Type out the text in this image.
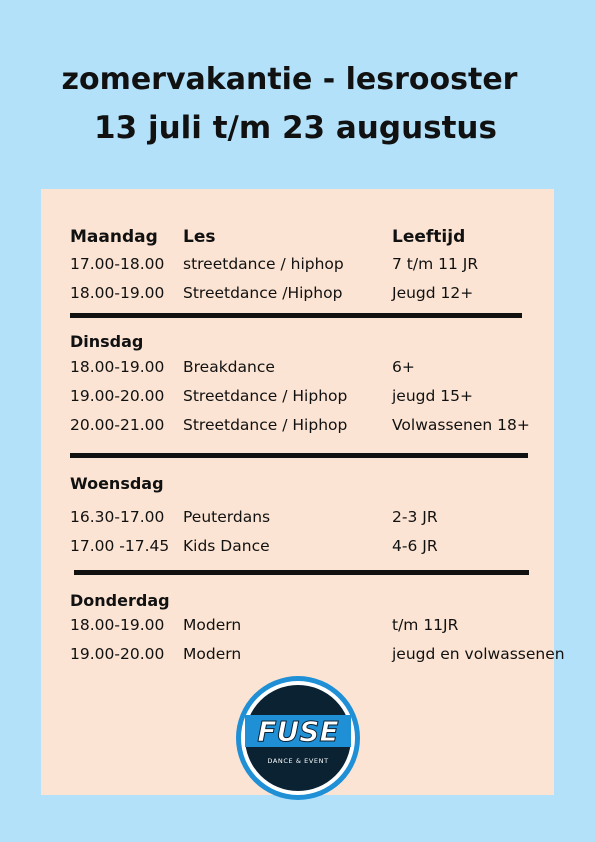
zomervakantie - lesrooster
13 juli t/m 23 augustus
Maandag Les	Leeftijd
17.00-18.00 streetdance / hiphop	7 t/m 11 JR
18.00-19.00 Streetdance /Hiphop	Jeugd 12+
Dinsdag
18.00-19.00 Breakdance	6+
19.00-20.00 Streetdance / Hiphop	jeugd 15+
20.00-21.00 Streetdance / Hiphop	Volwassenen 18+
Woensdag
16.30-17.00 Peuterdans	2-3 JR
17.00 -17.45 Kids Dance	4-6 JR
Donderdag
18.00-19.00 Modern	t/m 11JR
19.00-20.00 Modern	jeugd en volwassenen
FUSE
DANCE & EVENT
